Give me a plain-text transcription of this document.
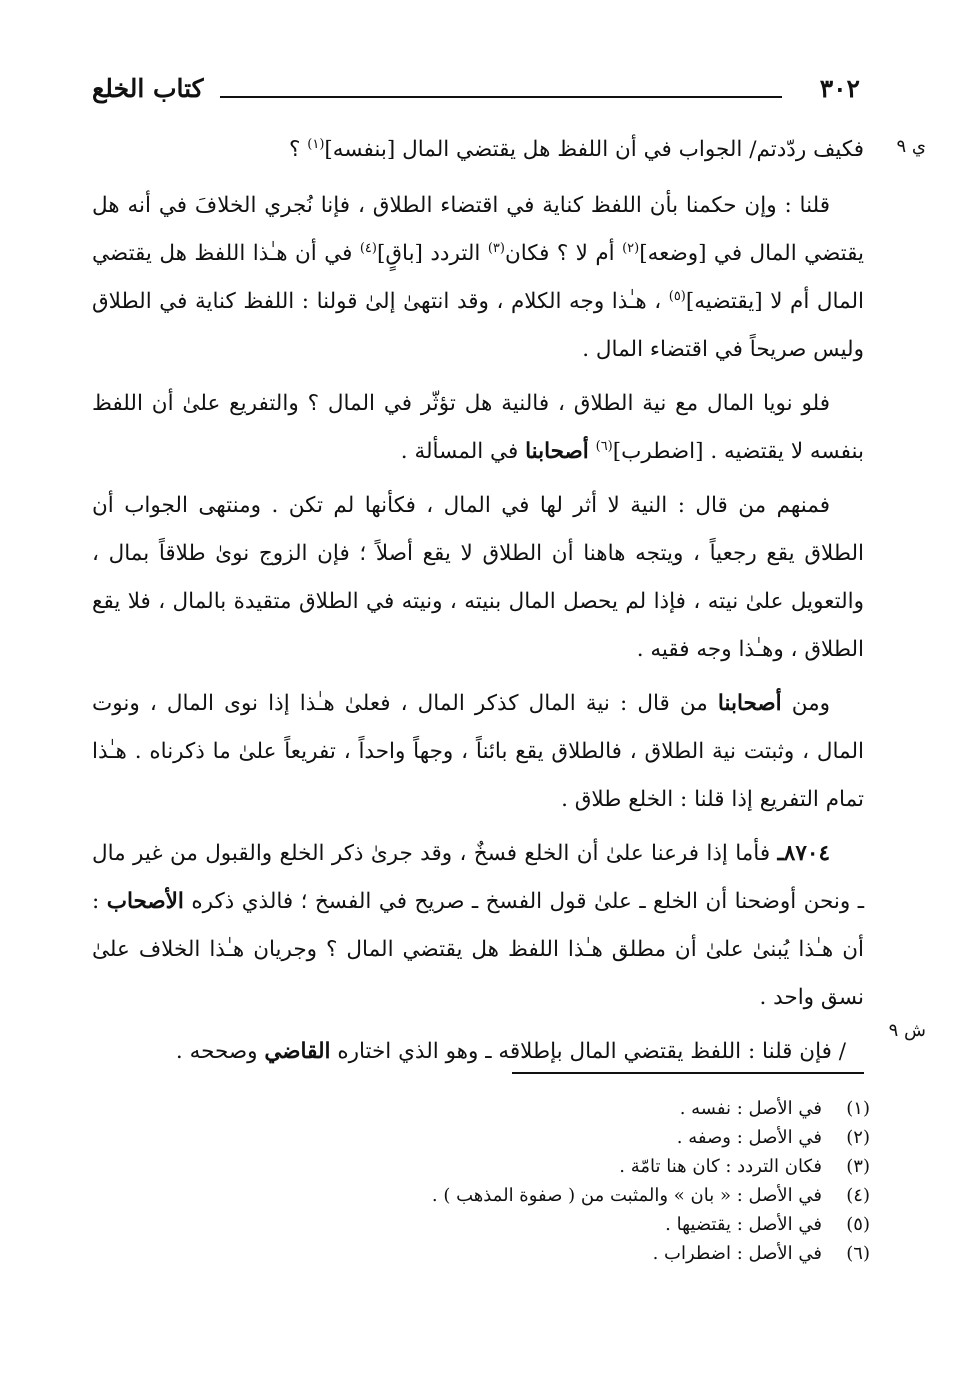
٣٠٢
كتاب الخلع
ي ٩
ش ٩

فكيف ردّدتم/ الجواب في أن اللفظ هل يقتضي المال [بنفسه]$^{(١)}$ ؟

قلنا : وإن حكمنا بأن اللفظ كناية في اقتضاء الطلاق ، فإنا نُجري الخلافَ في أنه هل يقتضي المال في [وضعه]$^{(٢)}$ أم لا ؟ فكان$^{(٣)}$ التردد [باقٍ]$^{(٤)}$ في أن هـٰذا اللفظ هل يقتضي المال أم لا [يقتضيه]$^{(٥)}$ ، هـٰذا وجه الكلام ، وقد انتهىٰ إلىٰ قولنا : اللفظ كناية في الطلاق وليس صريحاً في اقتضاء المال .

فلو نويا المال مع نية الطلاق ، فالنية هل تؤثّر في المال ؟ والتفريع علىٰ أن اللفظ بنفسه لا يقتضيه . [اضطرب]$^{(٦)}$ أصحابنا في المسألة .

فمنهم من قال : النية لا أثر لها في المال ، فكأنها لم تكن . ومنتهى الجواب أن الطلاق يقع رجعياً ، ويتجه هاهنا أن الطلاق لا يقع أصلاً ؛ فإن الزوج نوىٰ طلاقاً بمال ، والتعويل علىٰ نيته ، فإذا لم يحصل المال بنيته ، ونيته في الطلاق متقيدة بالمال ، فلا يقع الطلاق ، وهـٰذا وجه فقيه .

ومن أصحابنا من قال : نية المال كذكر المال ، فعلىٰ هـٰذا إذا نوى المال ، ونوت المال ، وثبتت نية الطلاق ، فالطلاق يقع بائناً ، وجهاً واحداً ، تفريعاً علىٰ ما ذكرناه . هـٰذا تمام التفريع إذا قلنا : الخلع طلاق .

٨٧٠٤ـ فأما إذا فرعنا علىٰ أن الخلع فسخٌ ، وقد جرىٰ ذكر الخلع والقبول من غير مال ـ ونحن أوضحنا أن الخلع ـ علىٰ قول الفسخ ـ صريح في الفسخ ؛ فالذي ذكره الأصحاب : أن هـٰذا يُبنىٰ علىٰ أن مطلق هـٰذا اللفظ هل يقتضي المال ؟ وجريان هـٰذا الخلاف علىٰ نسق واحد .

/ فإن قلنا : اللفظ يقتضي المال بإطلاقه ـ وهو الذي اختاره القاضي وصححه .

(١)
في الأصل : نفسه .
(٢)
في الأصل : وصفه .
(٣)
فكان التردد : كان هنا تامّة .
(٤)
في الأصل : « بان » والمثبت من ( صفوة المذهب ) .
(٥)
في الأصل : يقتضيها .
(٦)
في الأصل : اضطراب .
